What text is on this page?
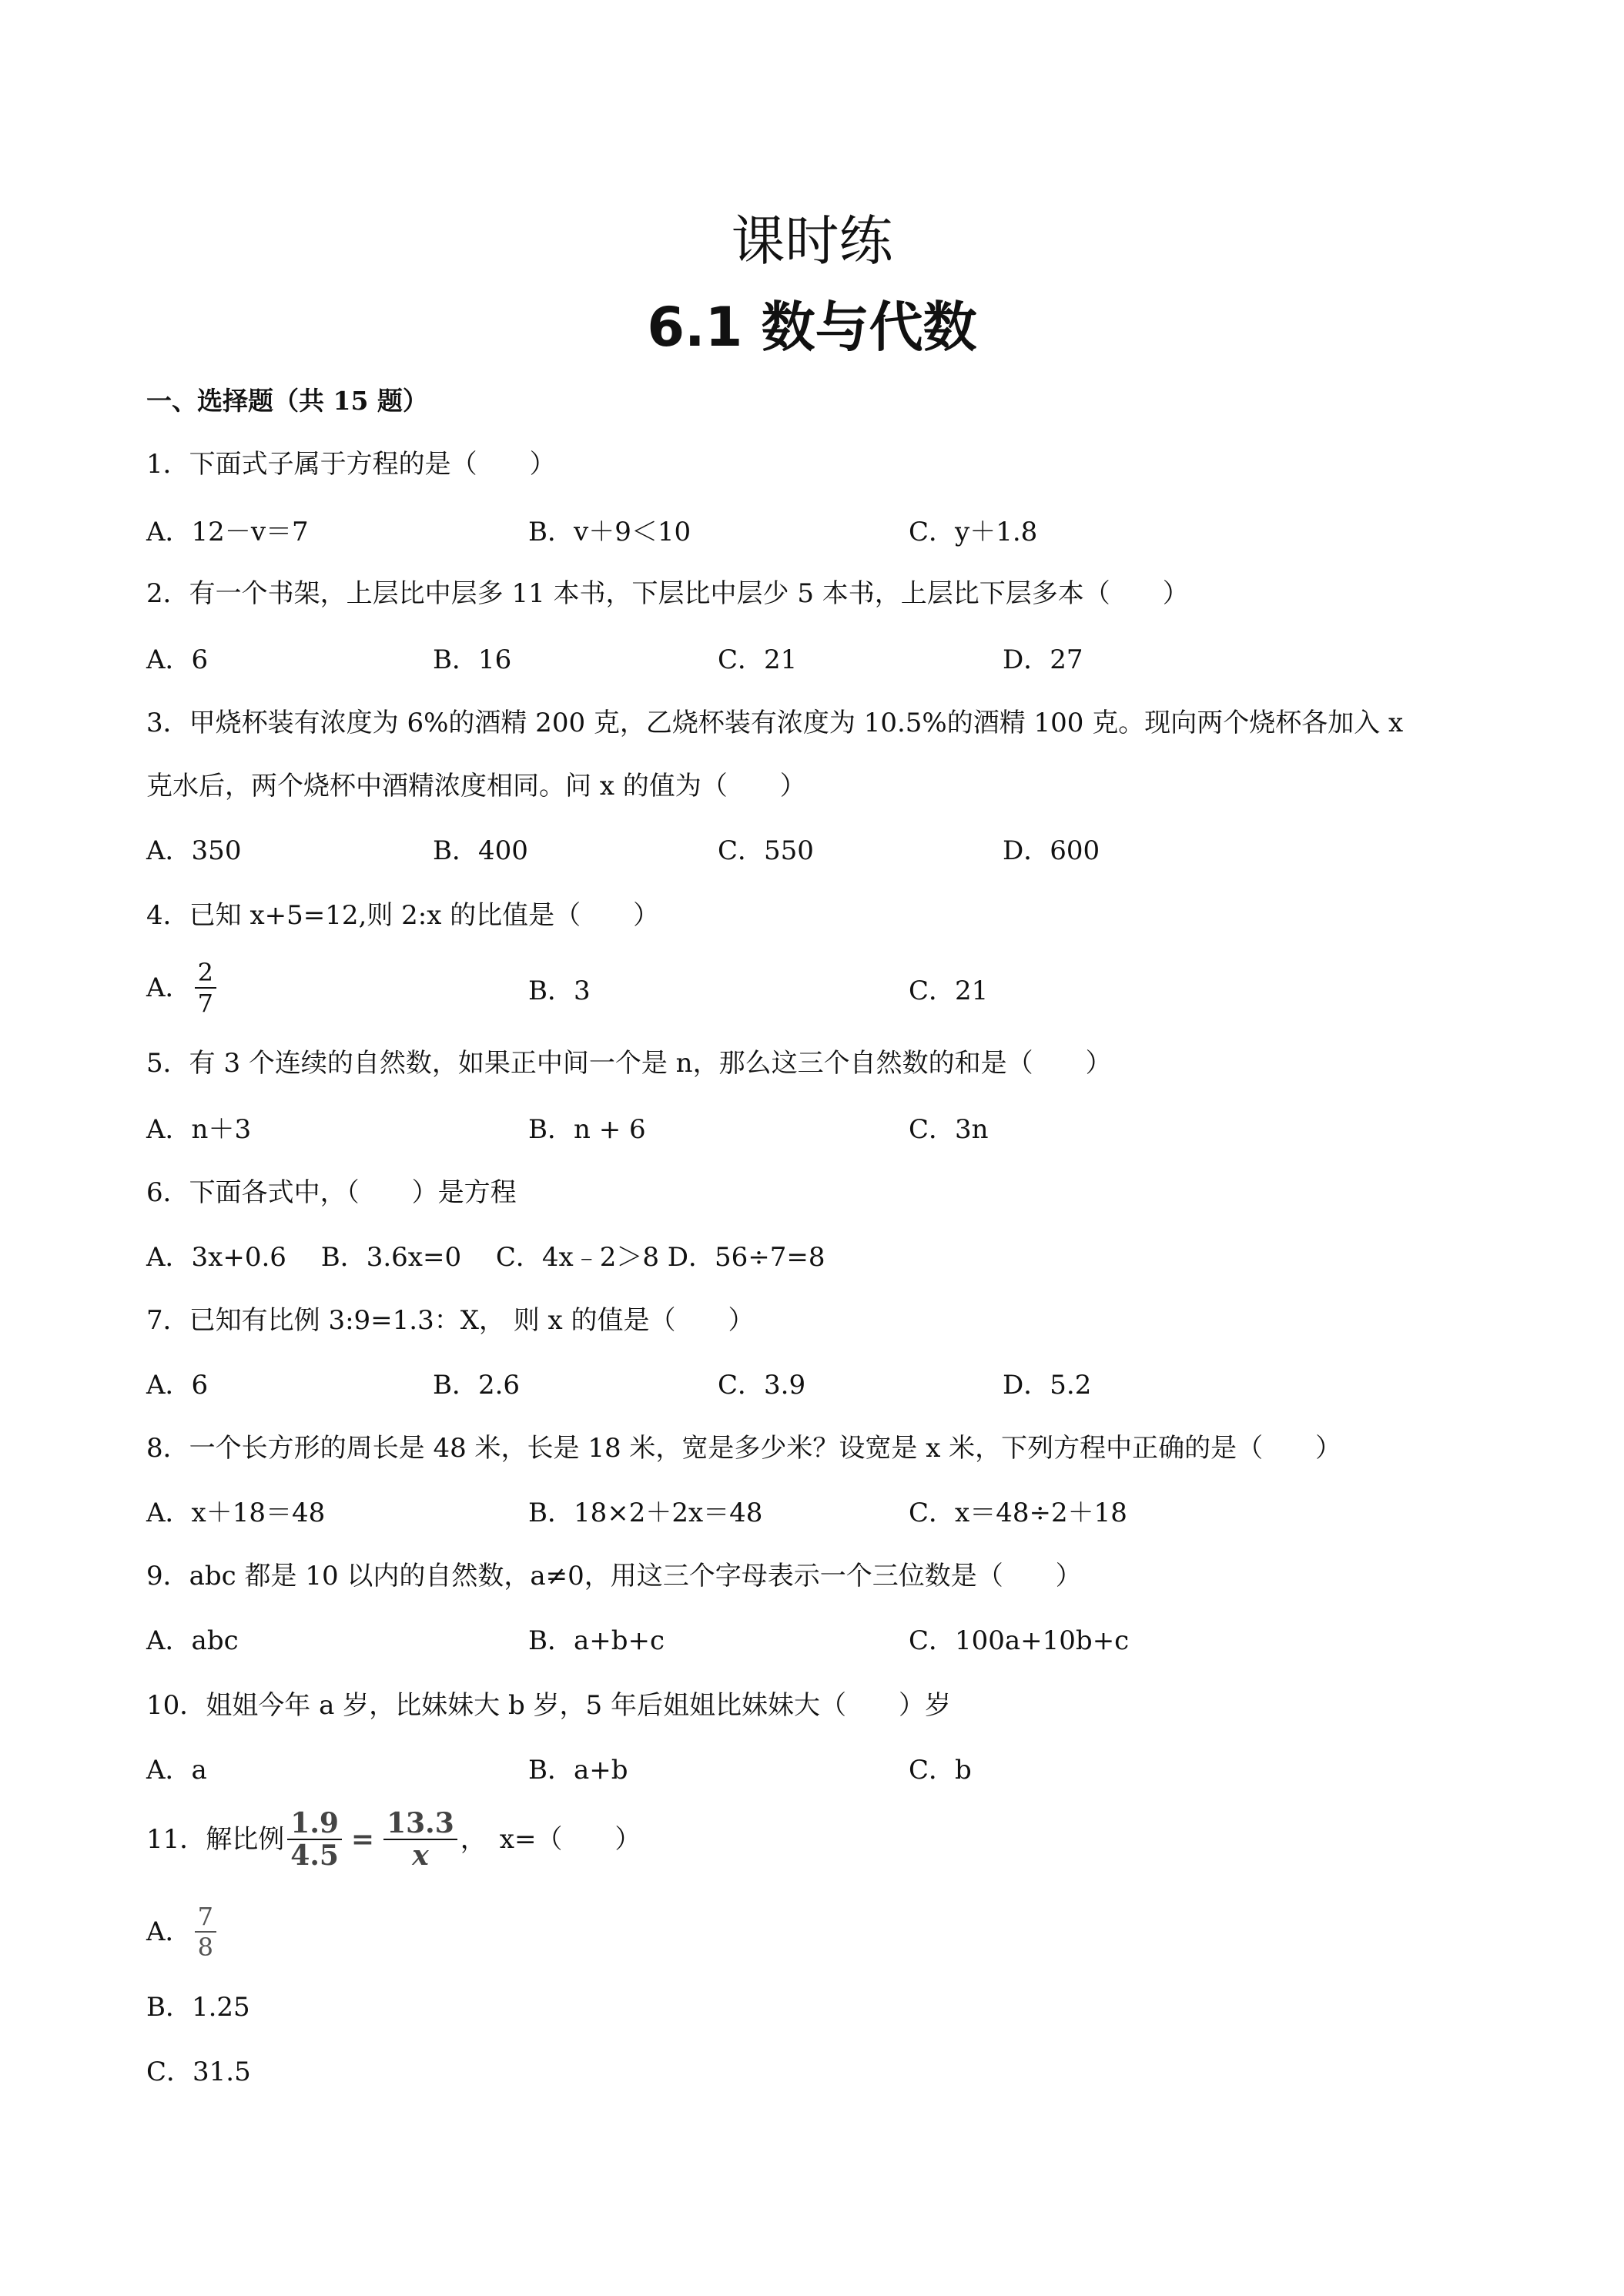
课时练
6.1 数与代数
一、选择题（共 15 题）
1．下面式子属于方程的是（　　）
A．12－v＝7	B．v＋9＜10	C．y＋1.8
2．有一个书架，上层比中层多 11 本书，下层比中层少 5 本书，上层比下层多本（　　）
A．6	B．16	C．21	D．27
3．甲烧杯装有浓度为 6%的酒精 200 克，乙烧杯装有浓度为 10.5%的酒精 100 克。现向两个烧杯各加入 x
克水后，两个烧杯中酒精浓度相同。问 x 的值为（　　）
A．350	B．400	C．550	D．600
4．已知 x+5=12,则 2:x 的比值是（　　）
A． $\frac{2}{7}$	B．3	C．21
5．有 3 个连续的自然数，如果正中间一个是 n，那么这三个自然数的和是（　　）
A．n＋3	B．n + 6	C．3n
6．下面各式中，（　　）是方程
A．3x+0.6　 B．3.6x=0　 C．4x﹣2＞8 D．56÷7=8
7．已知有比例 3:9=1.3：X， 则 x 的值是（　　）
A．6	B．2.6	C．3.9	D．5.2
8．一个长方形的周长是 48 米，长是 18 米，宽是多少米？设宽是 x 米，下列方程中正确的是（　　）
A．x＋18＝48	B．18×2＋2x＝48	C．x＝48÷2＋18
9．abc 都是 10 以内的自然数，a≠0，用这三个字母表示一个三位数是（　　）
A．abc	B．a+b+c	C．100a+10b+c
10．姐姐今年 a 岁，比妹妹大 b 岁，5 年后姐姐比妹妹大（　　）岁
A．a	B．a+b	C．b
11．解比例 $\frac{1.9}{4.5} = \frac{13.3}{x}$ ，　x=（　　）
A． $\frac{7}{8}$
B．1.25
C．31.5
